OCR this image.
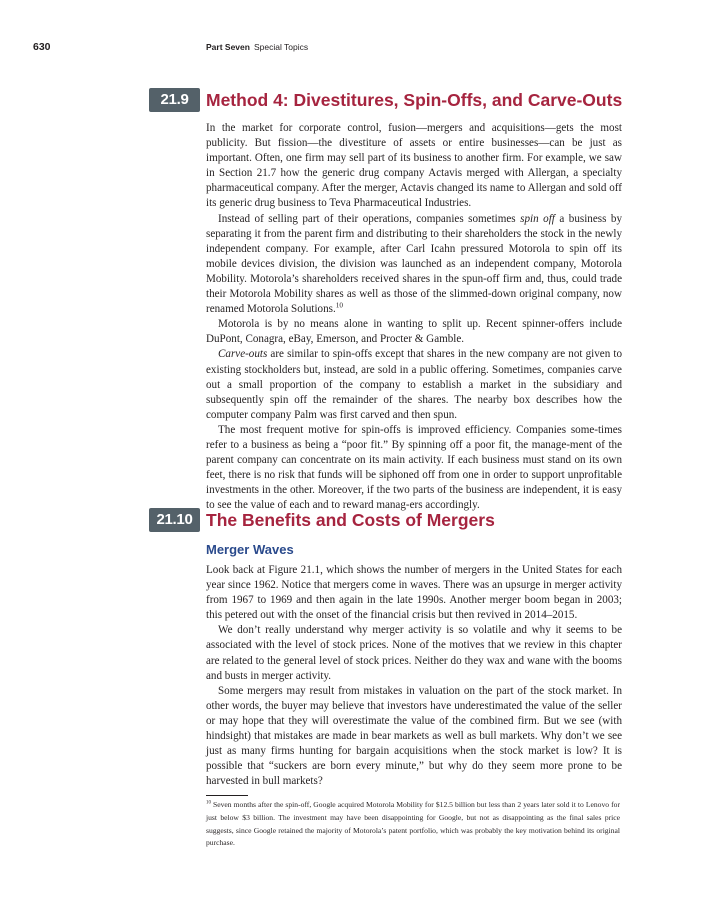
630	Part Seven Special Topics
21.9	Method 4: Divestitures, Spin-Offs, and Carve-Outs

In the market for corporate control, fusion—mergers and acquisitions—gets the most publicity. But fission—the divestiture of assets or entire businesses—can be just as important. Often, one firm may sell part of its business to another firm. For example, we saw in Section 21.7 how the generic drug company Actavis merged with Allergan, a specialty pharmaceutical company. After the merger, Actavis changed its name to Allergan and sold off its generic drug business to Teva Pharmaceutical Industries.

Instead of selling part of their operations, companies sometimes spin off a business by separating it from the parent firm and distributing to their shareholders the stock in the newly independent company. For example, after Carl Icahn pressured Motorola to spin off its mobile devices division, the division was launched as an independent company, Motorola Mobility. Motorola’s shareholders received shares in the spun-off firm and, thus, could trade their Motorola Mobility shares as well as those of the slimmed-down original company, now renamed Motorola Solutions.$^{10}$

Motorola is by no means alone in wanting to split up. Recent spinner-offers include DuPont, Conagra, eBay, Emerson, and Procter & Gamble.

Carve-outs are similar to spin-offs except that shares in the new company are not given to existing stockholders but, instead, are sold in a public offering. Sometimes, companies carve out a small proportion of the company to establish a market in the subsidiary and subsequently spin off the remainder of the shares. The nearby box describes how the computer company Palm was first carved and then spun.

The most frequent motive for spin-offs is improved efficiency. Companies some-times refer to a business as being a “poor fit.” By spinning off a poor fit, the manage-ment of the parent company can concentrate on its main activity. If each business must stand on its own feet, there is no risk that funds will be siphoned off from one in order to support unprofitable investments in the other. Moreover, if the two parts of the business are independent, it is easy to see the value of each and to reward manag-ers accordingly.

21.10 The Benefits and Costs of Mergers
Merger Waves

Look back at Figure 21.1, which shows the number of mergers in the United States for each year since 1962. Notice that mergers come in waves. There was an upsurge in merger activity from 1967 to 1969 and then again in the late 1990s. Another merger boom began in 2003; this petered out with the onset of the financial crisis but then revived in 2014–2015.

We don’t really understand why merger activity is so volatile and why it seems to be associated with the level of stock prices. None of the motives that we review in this chapter are related to the general level of stock prices. Neither do they wax and wane with the booms and busts in merger activity.

Some mergers may result from mistakes in valuation on the part of the stock market. In other words, the buyer may believe that investors have underestimated the value of the seller or may hope that they will overestimate the value of the combined firm. But we see (with hindsight) that mistakes are made in bear markets as well as bull markets. Why don’t we see just as many firms hunting for bargain acquisitions when the stock market is low? It is possible that “suckers are born every minute,” but why do they seem more prone to be harvested in bull markets?

$^{10}$ Seven months after the spin-off, Google acquired Motorola Mobility for $12.5 billion but less than 2 years later sold it to Lenovo for just below $3 billion. The investment may have been disappointing for Google, but not as disappointing as the final sales price suggests, since Google retained the majority of Motorola’s patent portfolio, which was probably the key motivation behind its original purchase.
